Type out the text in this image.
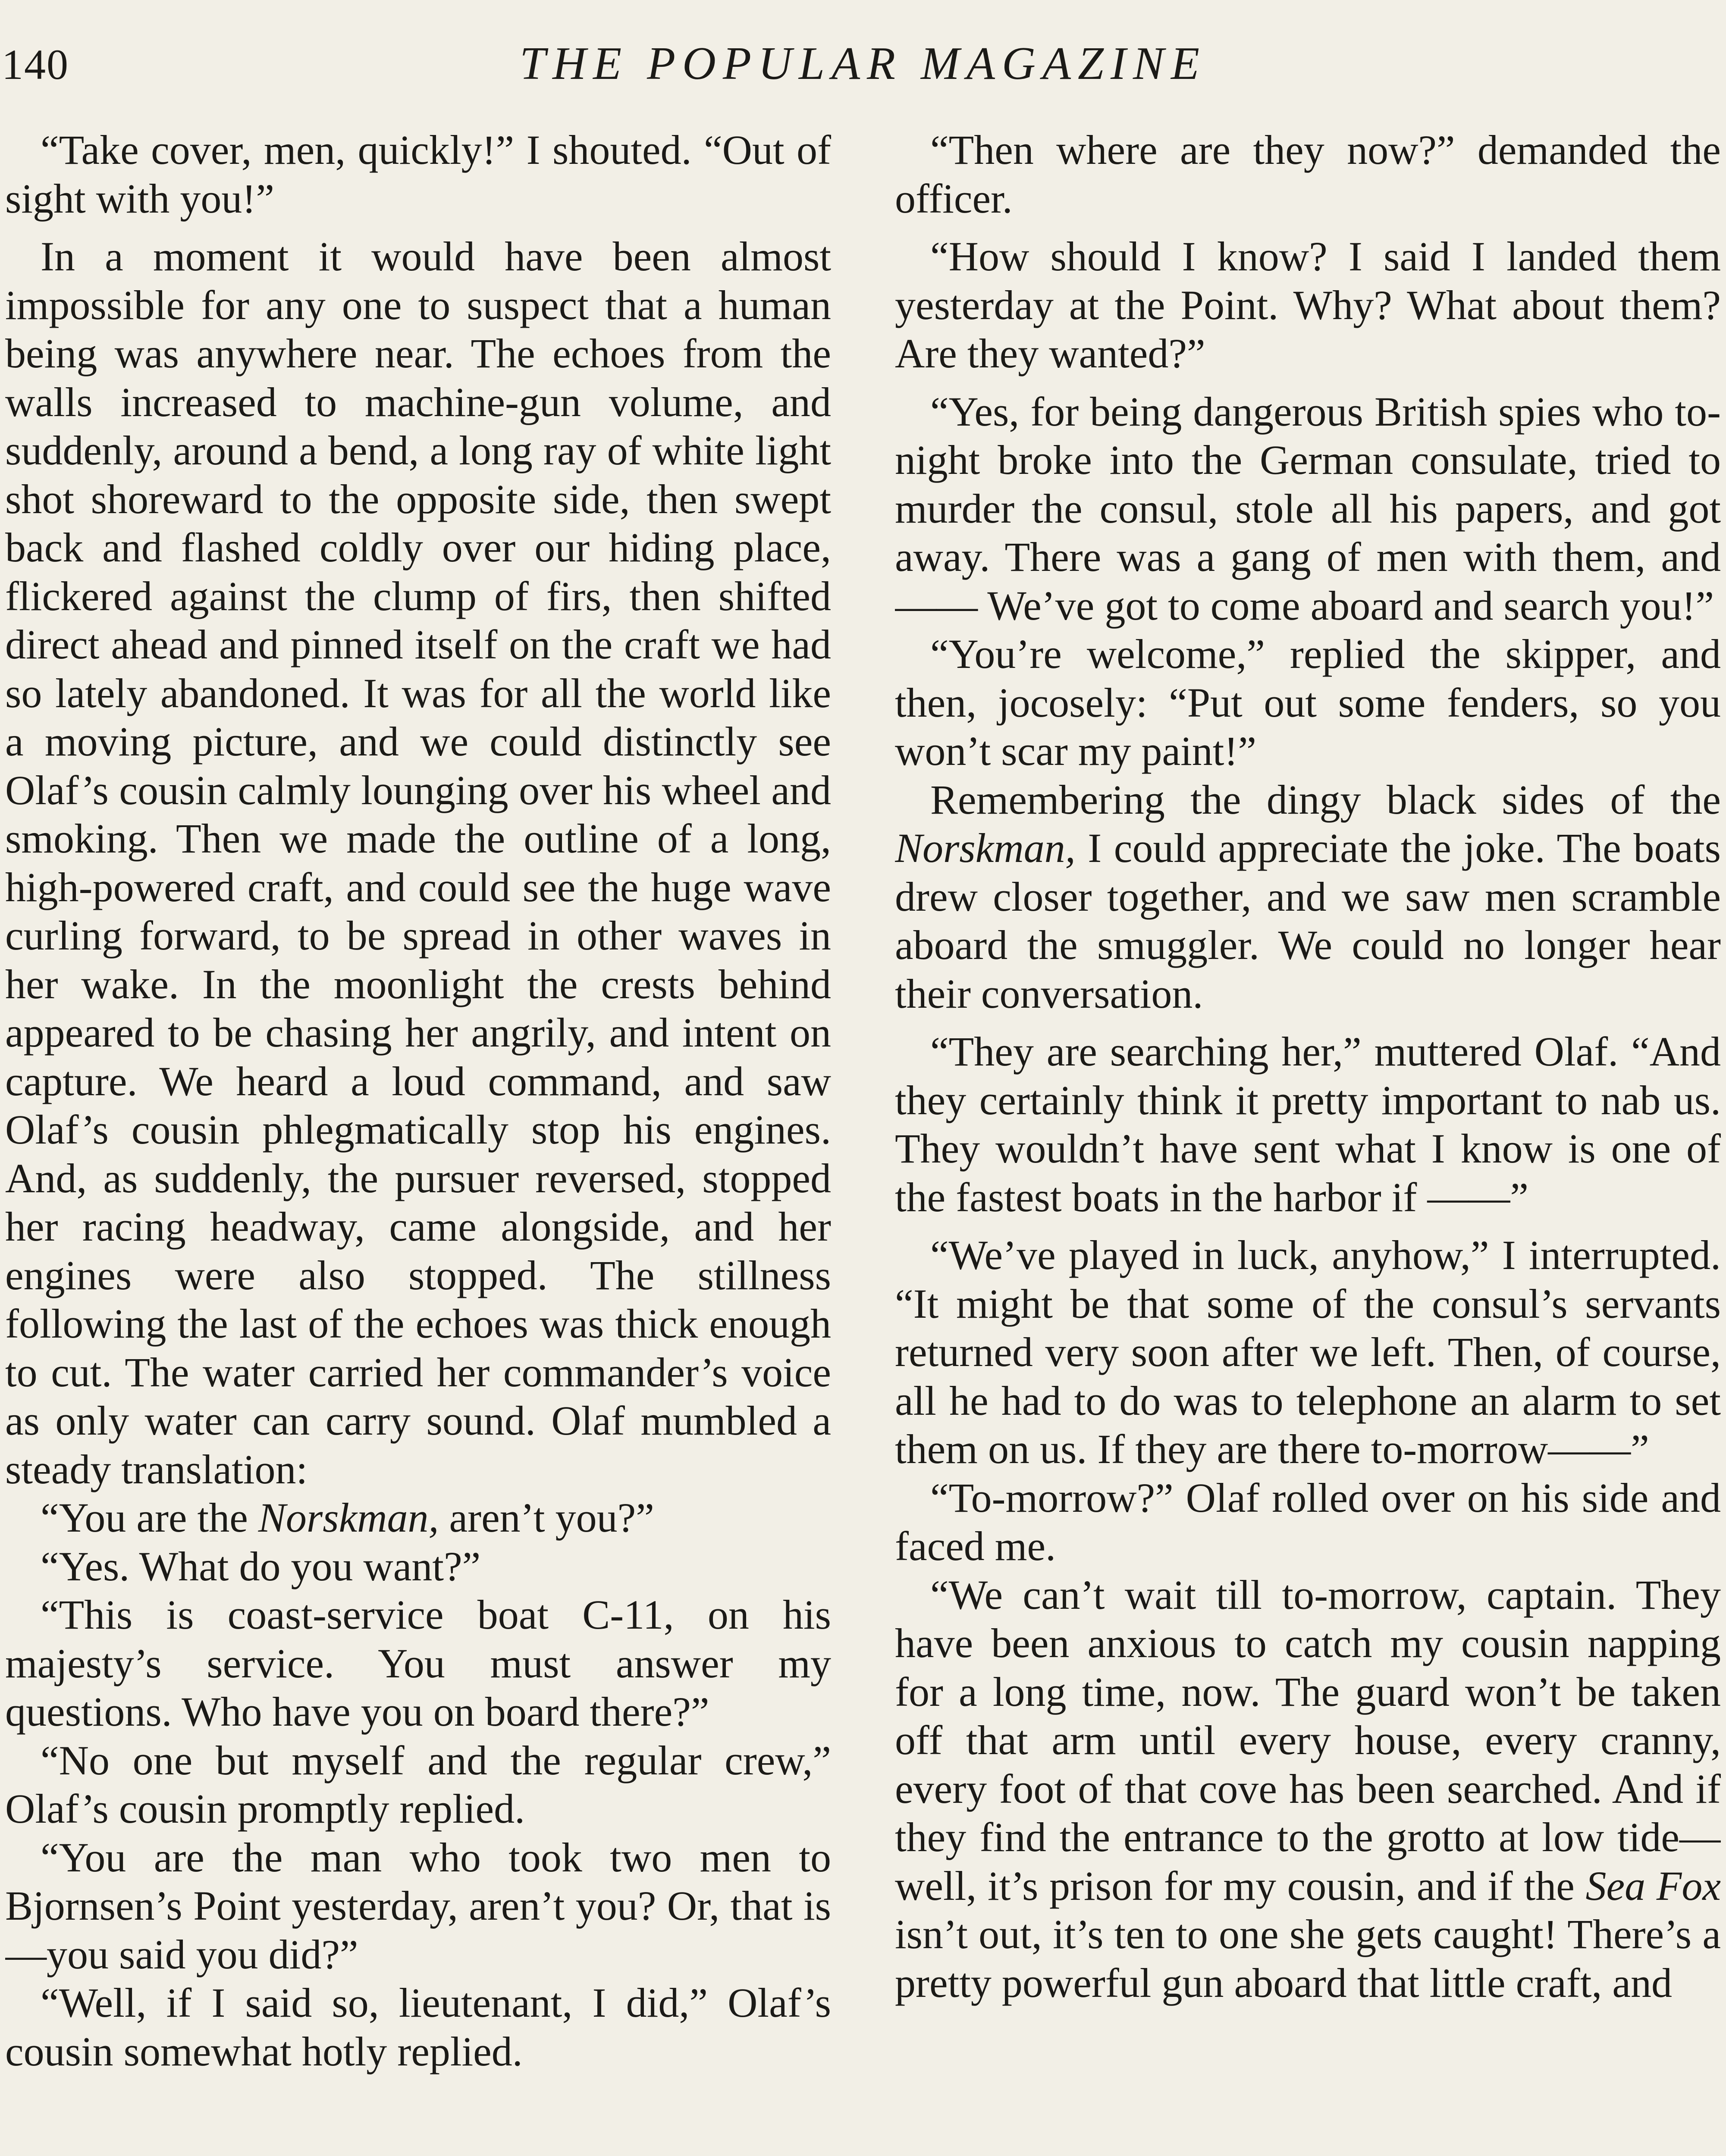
140	THE POPULAR MAGAZINE

“Take cover, men, quickly!” I shouted. “Out of sight with you!”

In a moment it would have been almost impossible for any one to suspect that a human being was anywhere near. The echoes from the walls increased to machine-gun volume, and suddenly, around a bend, a long ray of white light shot shoreward to the opposite side, then swept back and flashed coldly over our hiding place, flickered against the clump of firs, then shifted direct ahead and pinned itself on the craft we had so lately abandoned. It was for all the world like a moving picture, and we could distinctly see Olaf’s cousin calmly lounging over his wheel and smoking. Then we made the outline of a long, high-powered craft, and could see the huge wave curling forward, to be spread in other waves in her wake. In the moonlight the crests behind appeared to be chasing her angrily, and intent on capture. We heard a loud command, and saw Olaf’s cousin phlegmatically stop his engines. And, as suddenly, the pursuer reversed, stopped her racing headway, came alongside, and her engines were also stopped. The stillness following the last of the echoes was thick enough to cut. The water carried her commander’s voice as only water can carry sound. Olaf mumbled a steady translation:

“You are the Norskman, aren’t you?”

“Yes. What do you want?”

“This is coast-service boat C-11, on his majesty’s service. You must answer my questions. Who have you on board there?”

“No one but myself and the regular crew,” Olaf’s cousin promptly replied.

“You are the man who took two men to Bjornsen’s Point yesterday, aren’t you? Or, that is—you said you did?”

“Well, if I said so, lieutenant, I did,” Olaf’s cousin somewhat hotly replied.

“Then where are they now?” demanded the officer.

“How should I know? I said I landed them yesterday at the Point. Why? What about them? Are they wanted?”

“Yes, for being dangerous British spies who to-night broke into the German consulate, tried to murder the consul, stole all his papers, and got away. There was a gang of men with them, and—— We’ve got to come aboard and search you!”

“You’re welcome,” replied the skipper, and then, jocosely: “Put out some fenders, so you won’t scar my paint!”

Remembering the dingy black sides of the Norskman, I could appreciate the joke. The boats drew closer together, and we saw men scramble aboard the smuggler. We could no longer hear their conversation.

“They are searching her,” muttered Olaf. “And they certainly think it pretty important to nab us. They wouldn’t have sent what I know is one of the fastest boats in the harbor if ——”

“We’ve played in luck, anyhow,” I interrupted. “It might be that some of the consul’s servants returned very soon after we left. Then, of course, all he had to do was to telephone an alarm to set them on us. If they are there to-morrow——”

“To-morrow?” Olaf rolled over on his side and faced me.

“We can’t wait till to-morrow, captain. They have been anxious to catch my cousin napping for a long time, now. The guard won’t be taken off that arm until every house, every cranny, every foot of that cove has been searched. And if they find the entrance to the grotto at low tide—well, it’s prison for my cousin, and if the Sea Fox isn’t out, it’s ten to one she gets caught! There’s a pretty powerful gun aboard that little craft, and
